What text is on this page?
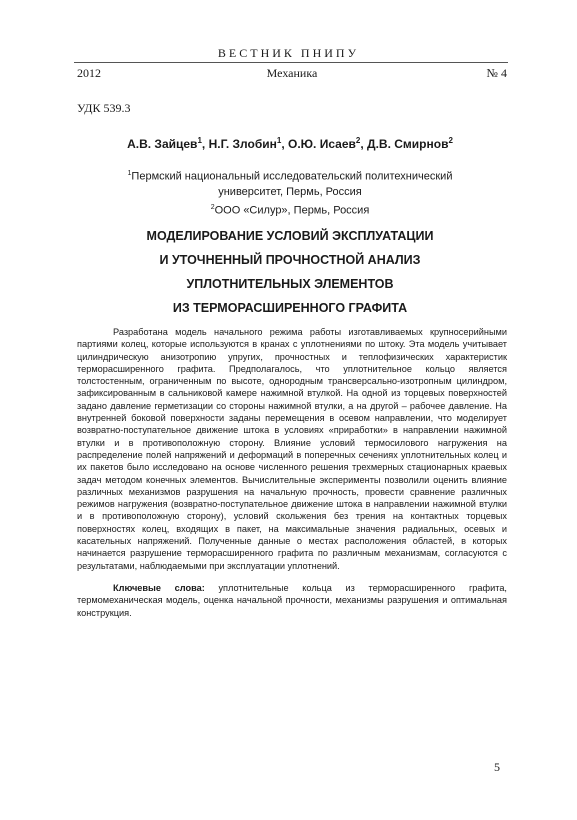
ВЕСТНИК ПНИПУ
2012	Механика	№ 4
УДК 539.3
А.В. Зайцев$^1$, Н.Г. Злобин$^1$, О.Ю. Исаев$^2$, Д.В. Смирнов$^2$
$^1$Пермский национальный исследовательский политехнический
университет, Пермь, Россия
$^2$ООО «Силур», Пермь, Россия
МОДЕЛИРОВАНИЕ УСЛОВИЙ ЭКСПЛУАТАЦИИ
И УТОЧНЕННЫЙ ПРОЧНОСТНОЙ АНАЛИЗ
УПЛОТНИТЕЛЬНЫХ ЭЛЕМЕНТОВ
ИЗ ТЕРМОРАСШИРЕННОГО ГРАФИТА

Разработана модель начального режима работы изготавливаемых крупносерийными партиями колец, которые используются в кранах с уплотнениями по штоку. Эта модель учитывает цилиндрическую анизотропию упругих, прочностных и теплофизических характеристик терморасширенного графита. Предполагалось, что уплотнительное кольцо является толстостенным, ограниченным по высоте, однородным трансверсально-изотропным цилиндром, зафиксированным в сальниковой камере нажимной втулкой. На одной из торцевых поверхностей задано давление герметизации со стороны нажимной втулки, а на другой – рабочее давление. На внутренней боковой поверхности заданы перемещения в осевом направлении, что моделирует возвратно-поступательное движение штока в условиях «приработки» в направлении нажимной втулки и в противоположную сторону. Влияние условий термосилового нагружения на распределение полей напряжений и деформаций в поперечных сечениях уплотнительных колец и их пакетов было исследовано на основе численного решения трехмерных стационарных краевых задач методом конечных элементов. Вычислительные эксперименты позволили оценить влияние различных механизмов разрушения на начальную прочность, провести сравнение различных режимов нагружения (возвратно-поступательное движение штока в направлении нажимной втулки и в противоположную сторону), условий скольжения без трения на контактных торцевых поверхностях колец, входящих в пакет, на максимальные значения радиальных, осевых и касательных напряжений. Полученные данные о местах расположения областей, в которых начинается разрушение терморасширенного графита по различным механизмам, согласуются с результатами, наблюдаемыми при эксплуатации уплотнений.

Ключевые слова: уплотнительные кольца из терморасширенного графита, термомеханическая модель, оценка начальной прочности, механизмы разрушения и оптимальная конструкция.

5
